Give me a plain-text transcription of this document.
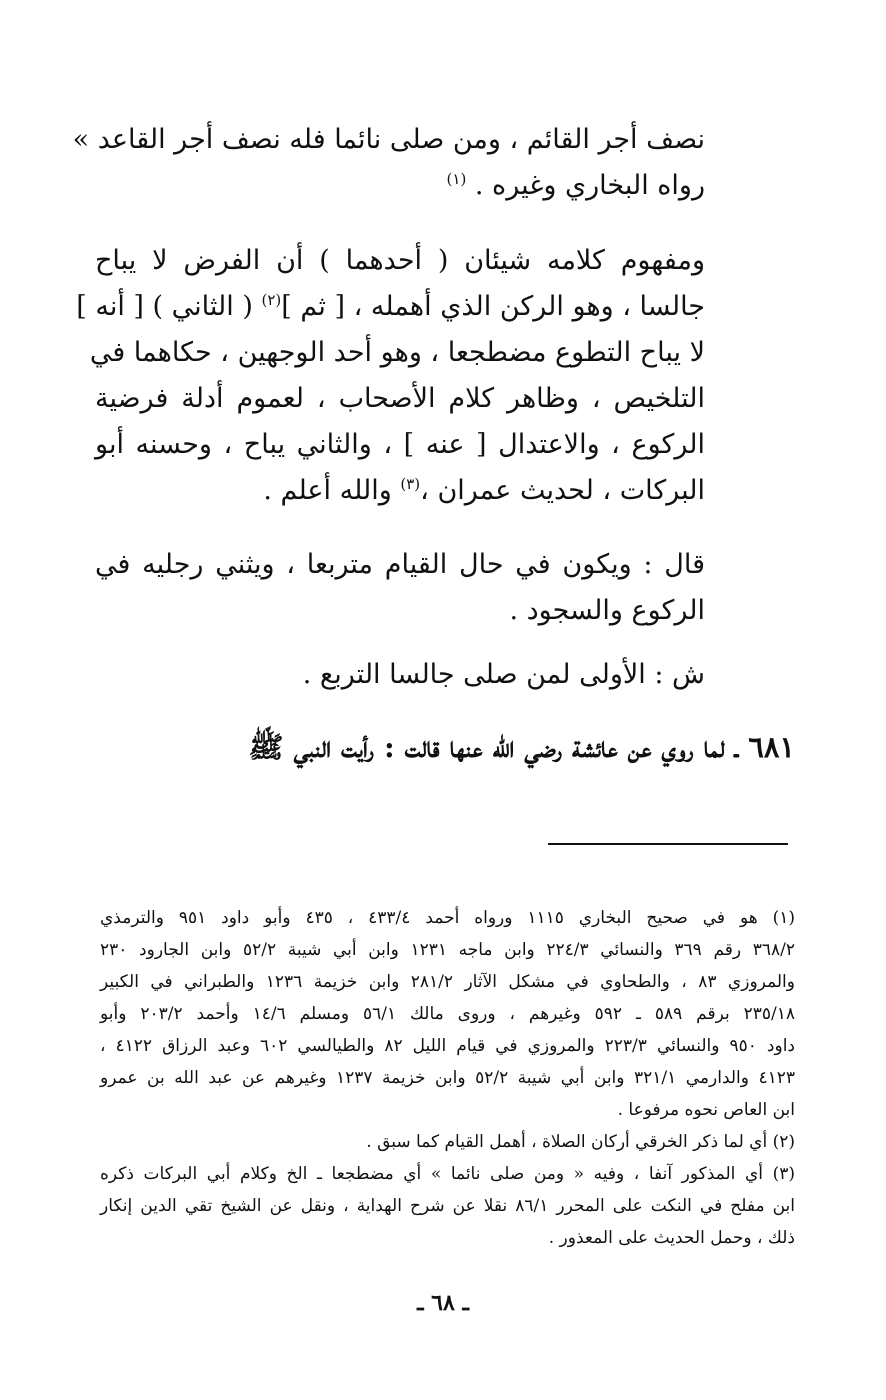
نصف أجر القائم ، ومن صلى نائما فله نصف أجر القاعد »
رواه البخاري وغيره . $^{(١)}$
ومفهوم كلامه شيئان ( أحدهما ) أن الفرض لا يباح
جالسا ، وهو الركن الذي أهمله ، [ ثم ]$^{(٢)}$ ( الثاني ) [ أنه ]
لا يباح التطوع مضطجعا ، وهو أحد الوجهين ، حكاهما في
التلخيص ، وظاهر كلام الأصحاب ، لعموم أدلة فرضية
الركوع ، والاعتدال [ عنه ] ، والثاني يباح ، وحسنه أبو
البركات ، لحديث عمران ،$^{(٣)}$ والله أعلم .
قال : ويكون في حال القيام متربعا ، ويثني رجليه في
الركوع والسجود .
ش : الأولى لمن صلى جالسا التربع .
٦٨١ ـ لما روي عن عائشة رضي الله عنها قالت : رأيت النبي ﷺ
(١) هو في صحيح البخاري ١١١٥ ورواه أحمد ٤٣٣/٤ ، ٤٣٥ وأبو داود ٩٥١ والترمذي
٣٦٨/٢ رقم ٣٦٩ والنسائي ٢٢٤/٣ وابن ماجه ١٢٣١ وابن أبي شيبة ٥٢/٢ وابن الجارود ٢٣٠
والمروزي ٨٣ ، والطحاوي في مشكل الآثار ٢٨١/٢ وابن خزيمة ١٢٣٦ والطبراني في الكبير
٢٣٥/١٨ برقم ٥٨٩ ـ ٥٩٢ وغيرهم ، وروى مالك ٥٦/١ ومسلم ١٤/٦ وأحمد ٢٠٣/٢ وأبو
داود ٩٥٠ والنسائي ٢٢٣/٣ والمروزي في قيام الليل ٨٢ والطيالسي ٦٠٢ وعبد الرزاق ٤١٢٢ ،
٤١٢٣ والدارمي ٣٢١/١ وابن أبي شيبة ٥٢/٢ وابن خزيمة ١٢٣٧ وغيرهم عن عبد الله بن عمرو
ابن العاص نحوه مرفوعا .
(٢) أي لما ذكر الخرقي أركان الصلاة ، أهمل القيام كما سبق .
(٣) أي المذكور آنفا ، وفيه « ومن صلى نائما » أي مضطجعا ـ الخ وكلام أبي البركات ذكره
ابن مفلح في النكت على المحرر ٨٦/١ نقلا عن شرح الهداية ، ونقل عن الشيخ تقي الدين إنكار
ذلك ، وحمل الحديث على المعذور .
ـ ٦٨ ـ
